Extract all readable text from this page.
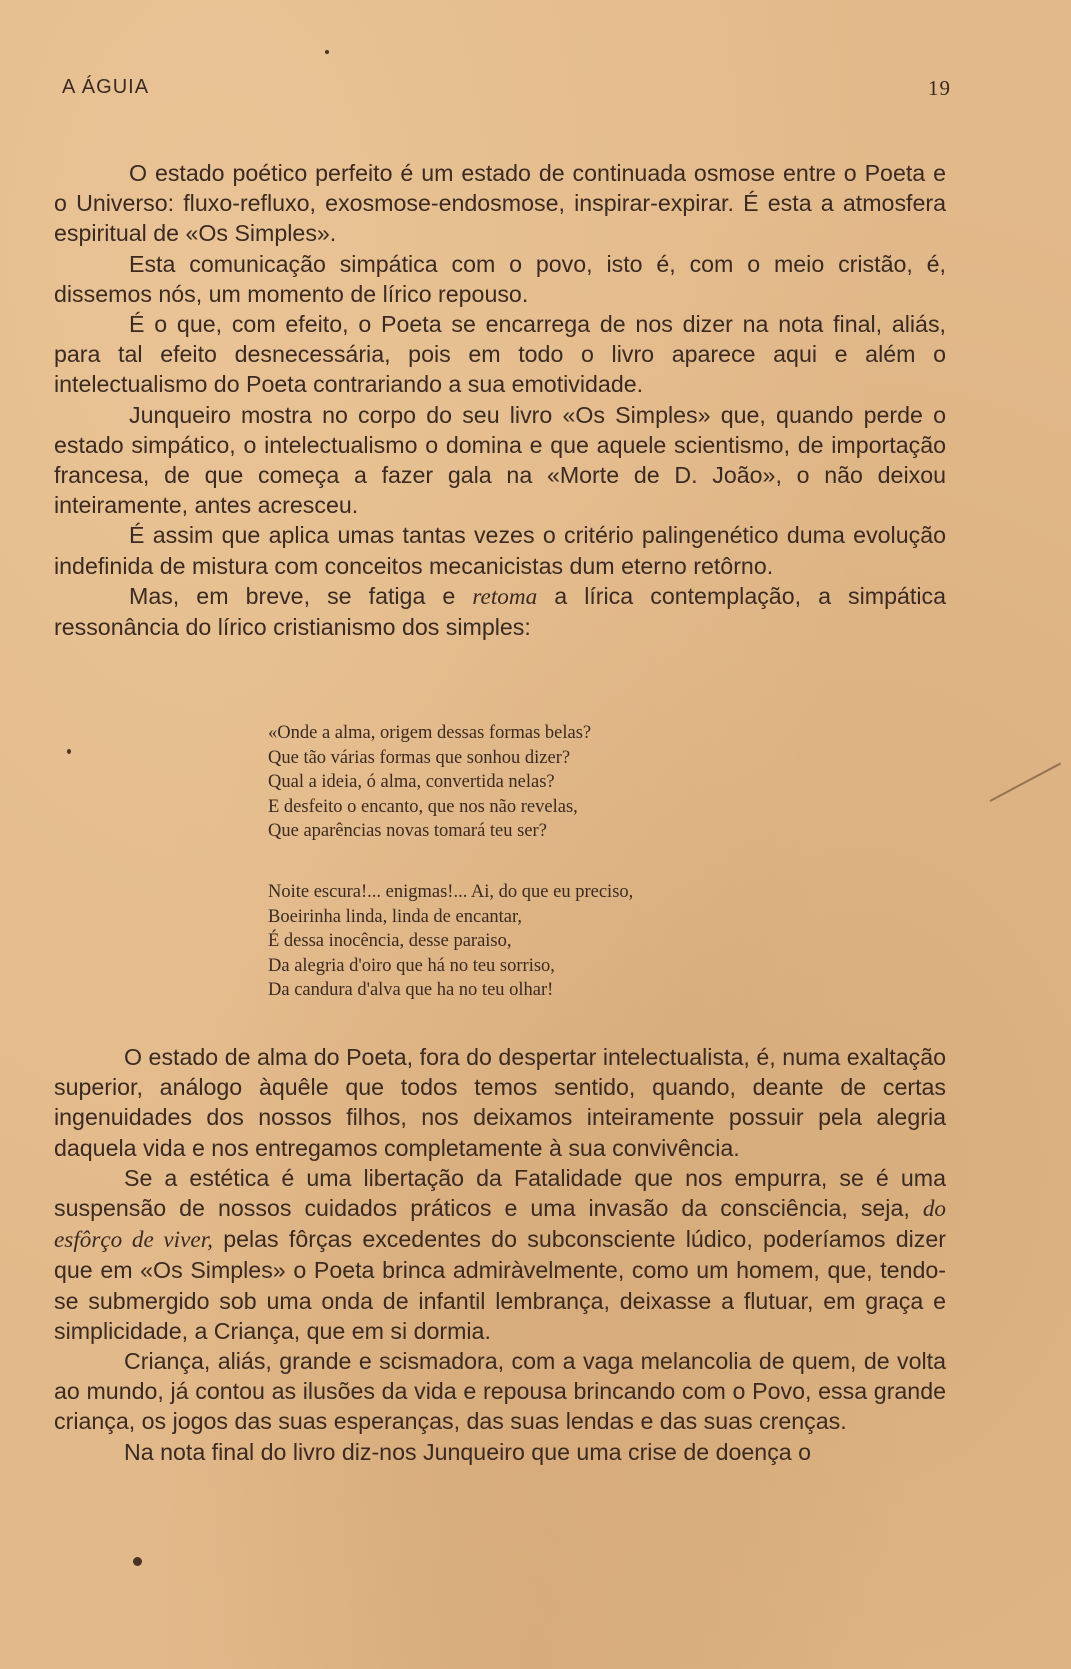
A ÁGUIA	19

O estado poético perfeito é um estado de continuada osmose entre o Poeta e o Universo: fluxo-refluxo, exosmose-endosmose, inspirar-expirar. É esta a atmosfera espiritual de «Os Simples».

Esta comunicação simpática com o povo, isto é, com o meio cristão, é, dissemos nós, um momento de lírico repouso.

É o que, com efeito, o Poeta se encarrega de nos dizer na nota final, aliás, para tal efeito desnecessária, pois em todo o livro aparece aqui e além o intelectualismo do Poeta contrariando a sua emotividade.

Junqueiro mostra no corpo do seu livro «Os Simples» que, quando perde o estado simpático, o intelectualismo o domina e que aquele scientismo, de importação francesa, de que começa a fazer gala na «Morte de D. João», o não deixou inteiramente, antes acresceu.

É assim que aplica umas tantas vezes o critério palingenético duma evolução indefinida de mistura com conceitos mecanicistas dum eterno retôrno.

Mas, em breve, se fatiga e retoma a lírica contemplação, a simpática ressonância do lírico cristianismo dos simples:

«Onde a alma, origem dessas formas belas?
Que tão várias formas que sonhou dizer?
Qual a ideia, ó alma, convertida nelas?
E desfeito o encanto, que nos não revelas,
Que aparências novas tomará teu ser?
Noite escura!... enigmas!... Ai, do que eu preciso,
Boeirinha linda, linda de encantar,
É dessa inocência, desse paraiso,
Da alegria d'oiro que há no teu sorriso,
Da candura d'alva que ha no teu olhar!

O estado de alma do Poeta, fora do despertar intelectualista, é, numa exaltação superior, análogo àquêle que todos temos sentido, quando, deante de certas ingenuidades dos nossos filhos, nos deixamos inteiramente possuir pela alegria daquela vida e nos entregamos completamente à sua convivência.

Se a estética é uma libertação da Fatalidade que nos empurra, se é uma suspensão de nossos cuidados práticos e uma invasão da consciência, seja, do esfôrço de viver, pelas fôrças excedentes do subconsciente lúdico, poderíamos dizer que em «Os Simples» o Poeta brinca admiràvelmente, como um homem, que, tendo-se submergido sob uma onda de infantil lembrança, deixasse a flutuar, em graça e simplicidade, a Criança, que em si dormia.

Criança, aliás, grande e scismadora, com a vaga melancolia de quem, de volta ao mundo, já contou as ilusões da vida e repousa brincando com o Povo, essa grande criança, os jogos das suas esperanças, das suas lendas e das suas crenças.

Na nota final do livro diz-nos Junqueiro que uma crise de doença o
